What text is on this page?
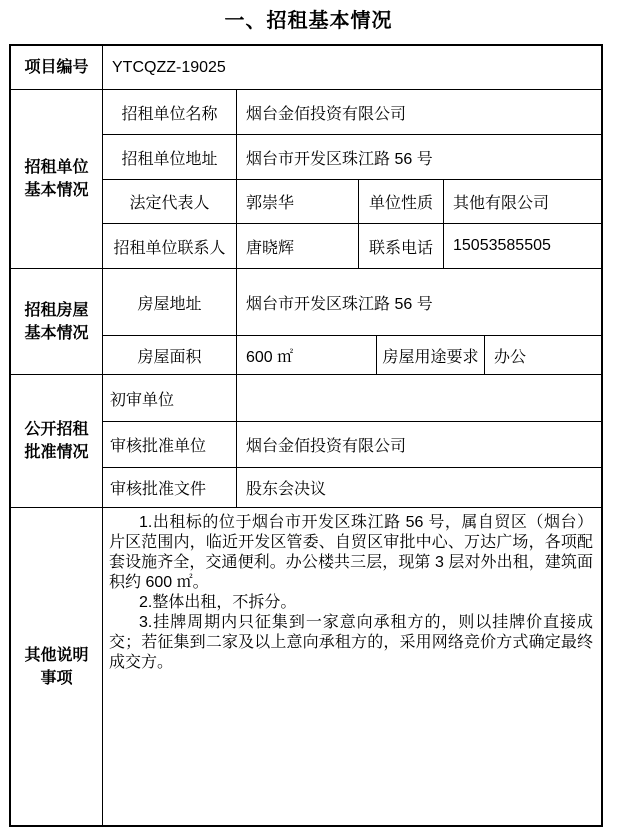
一、招租基本情况
项目编号	YTCQZZ-19025
招租单位基本情况
招租单位名称	烟台金佰投资有限公司
招租单位地址	烟台市开发区珠江路 56 号
法定代表人	郭崇华	单位性质	其他有限公司
招租单位联系人	唐晓辉	联系电话	15053585505
招租房屋基本情况
房屋地址	烟台市开发区珠江路 56 号
房屋面积	600 ㎡	房屋用途要求 办公
公开招租批准情况
初审单位
审核批准单位	烟台金佰投资有限公司
审核批准文件	股东会决议
其他说明事项

1.出租标的位于烟台市开发区珠江路 56 号，属自贸区（烟台）片区范围内，临近开发区管委、自贸区审批中心、万达广场，各项配套设施齐全，交通便利。办公楼共三层，现第 3 层对外出租，建筑面积约 600 ㎡。

2.整体出租，不拆分。

3.挂牌周期内只征集到一家意向承租方的，则以挂牌价直接成交；若征集到二家及以上意向承租方的，采用网络竞价方式确定最终成交方。
